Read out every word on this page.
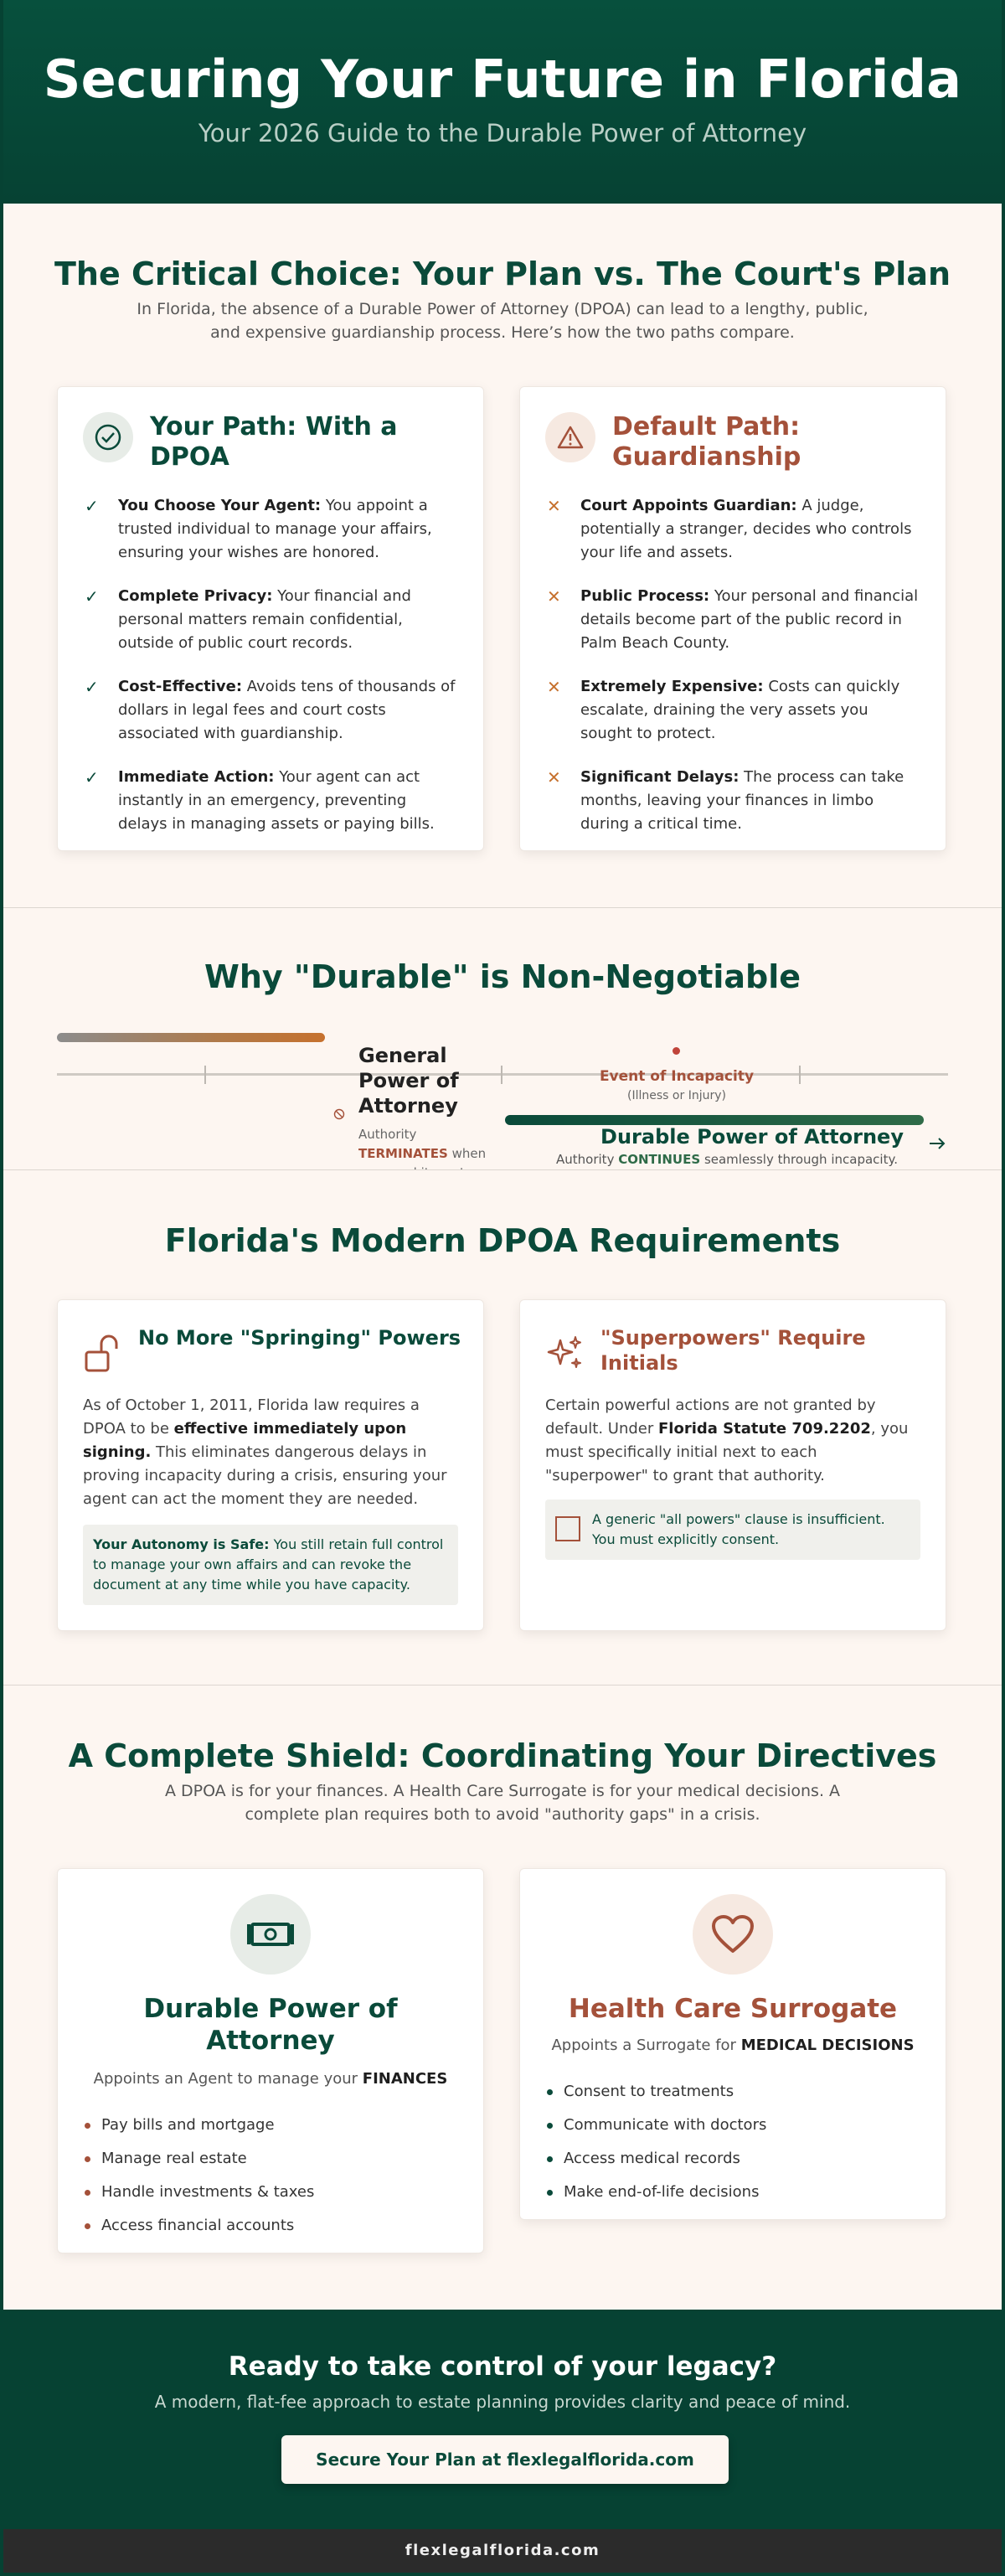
Securing Your Future in Florida
Your 2026 Guide to the Durable Power of Attorney
The Critical Choice: Your Plan vs. The Court's Plan

In Florida, the absence of a Durable Power of Attorney (DPOA) can lead to a lengthy, public, and expensive guardianship process. Here’s how the two paths compare.

Your Path: With a DPOA
✓ You Choose Your Agent: You appoint a trusted individual to manage your affairs, ensuring your wishes are honored.
✓ Complete Privacy: Your financial and personal matters remain confidential, outside of public court records.
✓ Cost-Effective: Avoids tens of thousands of dollars in legal fees and court costs associated with guardianship.
✓ Immediate Action: Your agent can act instantly in an emergency, preventing delays in managing assets or paying bills.
Default Path: Guardianship
✕ Court Appoints Guardian: A judge, potentially a stranger, decides who controls your life and assets.
✕ Public Process: Your personal and financial details become part of the public record in Palm Beach County.
✕ Extremely Expensive: Costs can quickly escalate, draining the very assets you sought to protect.
✕ Significant Delays: The process can take months, leaving your finances in limbo during a critical time.
Why "Durable" is Non-Negotiable
Event of Incapacity
(Illness or Injury)
General Power of Attorney
Authority
TERMINATES when
Durable Power of Attorney
Authority CONTINUES seamlessly through incapacity.
Florida's Modern DPOA Requirements
No More "Springing" Powers
As of October 1, 2011, Florida law requires a DPOA to be effective immediately upon signing. This eliminates dangerous delays in proving incapacity during a crisis, ensuring your agent can act the moment they are needed.
Your Autonomy is Safe: You still retain full control to manage your own affairs and can revoke the document at any time while you have capacity.
"Superpowers" Require Initials
Certain powerful actions are not granted by default. Under Florida Statute 709.2202, you must specifically initial next to each "superpower" to grant that authority.
A generic "all powers" clause is insufficient. You must explicitly consent.
A Complete Shield: Coordinating Your Directives

A DPOA is for your finances. A Health Care Surrogate is for your medical decisions. A complete plan requires both to avoid "authority gaps" in a crisis.

Durable Power of Attorney
Appoints an Agent to manage your FINANCES
Pay bills and mortgage
Manage real estate
Handle investments & taxes
Access financial accounts
Health Care Surrogate
Appoints a Surrogate for MEDICAL DECISIONS
Consent to treatments
Communicate with doctors
Access medical records
Make end-of-life decisions
Ready to take control of your legacy?

A modern, flat-fee approach to estate planning provides clarity and peace of mind.

Secure Your Plan at flexlegalflorida.com
flexlegalflorida.com
